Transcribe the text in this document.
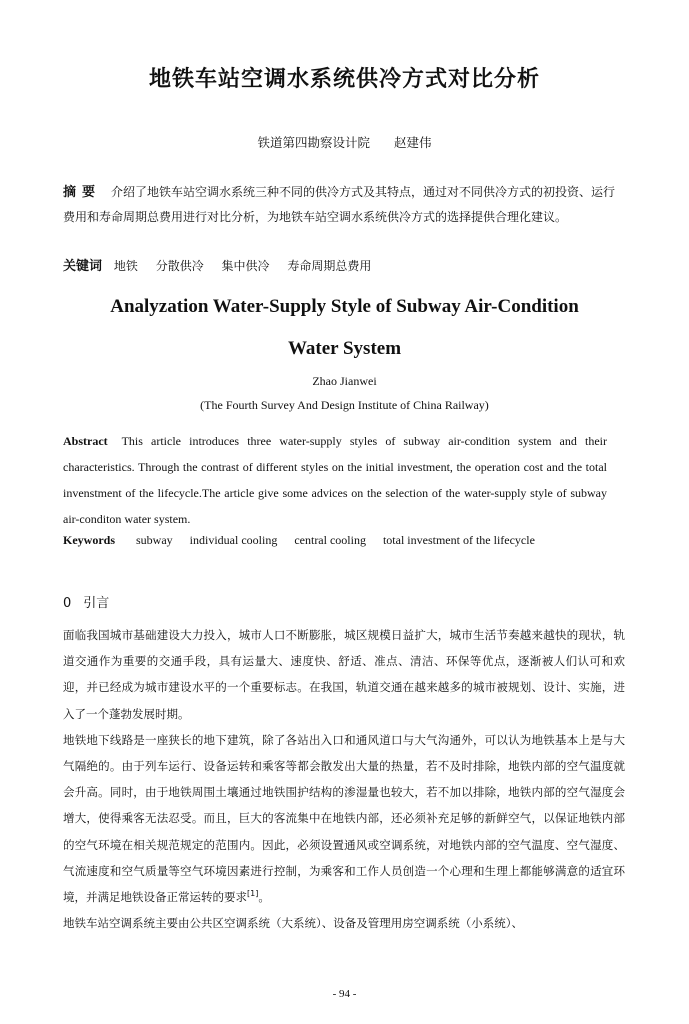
地铁车站空调水系统供冷方式对比分析
铁道第四勘察设计院 赵建伟
摘要 介绍了地铁车站空调水系统三种不同的供冷方式及其特点，通过对不同供冷方式的初投资、运行费用和寿命周期总费用进行对比分析，为地铁车站空调水系统供冷方式的选择提供合理化建议。
关键词 地铁 分散供冷 集中供冷 寿命周期总费用
Analyzation Water-Supply Style of Subway Air-Condition
Water System
Zhao Jianwei
(The Fourth Survey And Design Institute of China Railway)
Abstract This article introduces three water-supply styles of subway air-condition system and their characteristics. Through the contrast of different styles on the initial investment, the operation cost and the total invenstment of the lifecycle.The article give some advices on the selection of the water-supply style of subway air-conditon water system.
Keywords subway individual cooling central cooling total investment of the lifecycle
0 引言

面临我国城市基础建设大力投入，城市人口不断膨胀，城区规模日益扩大，城市生活节奏越来越快的现状，轨道交通作为重要的交通手段，具有运量大、速度快、舒适、准点、清洁、环保等优点，逐渐被人们认可和欢迎，并已经成为城市建设水平的一个重要标志。在我国，轨道交通在越来越多的城市被规划、设计、实施，进入了一个蓬勃发展时期。

地铁地下线路是一座狭长的地下建筑，除了各站出入口和通风道口与大气沟通外，可以认为地铁基本上是与大气隔绝的。由于列车运行、设备运转和乘客等都会散发出大量的热量，若不及时排除，地铁内部的空气温度就会升高。同时，由于地铁周围土壤通过地铁围护结构的渗湿量也较大，若不加以排除，地铁内部的空气湿度会增大，使得乘客无法忍受。而且，巨大的客流集中在地铁内部，还必须补充足够的新鲜空气，以保证地铁内部的空气环境在相关规范规定的范围内。因此，必须设置通风或空调系统，对地铁内部的空气温度、空气湿度、气流速度和空气质量等空气环境因素进行控制，为乘客和工作人员创造一个心理和生理上都能够满意的适宜环境，并满足地铁设备正常运转的要求[1]。

地铁车站空调系统主要由公共区空调系统（大系统）、设备及管理用房空调系统（小系统）、

- 94 -
